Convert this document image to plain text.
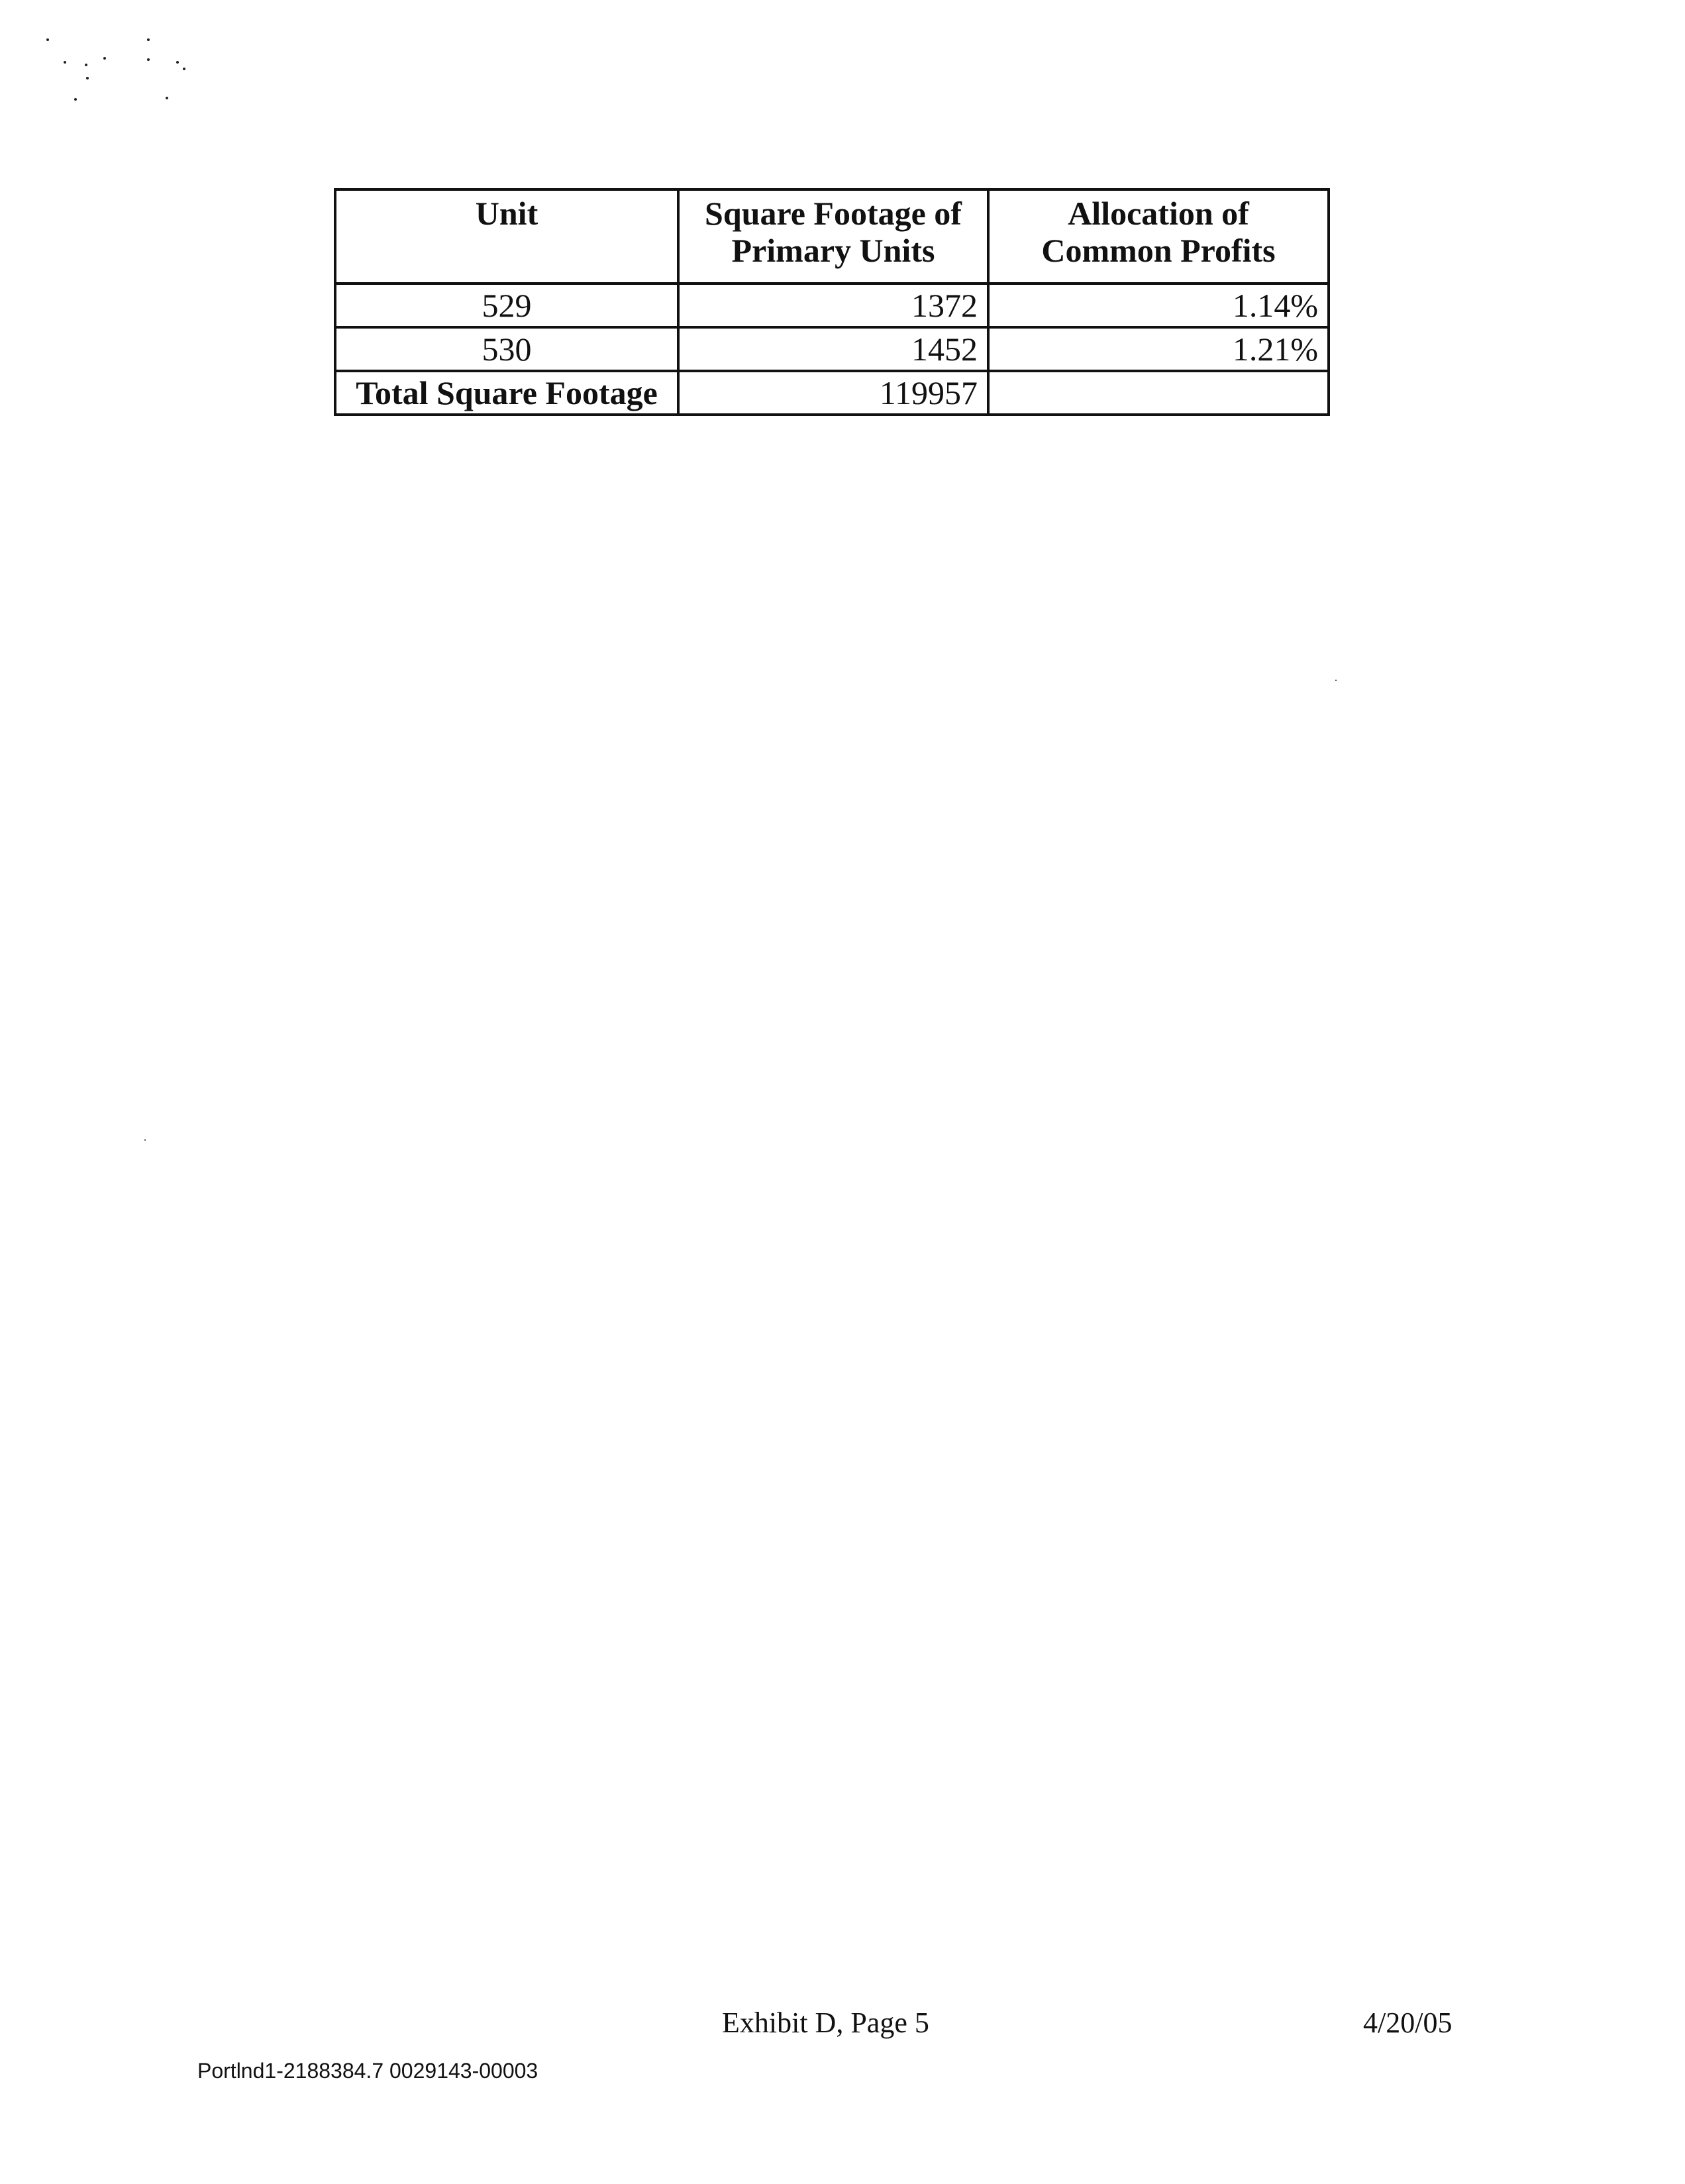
Unit	Square Footage of Primary Units	Allocation of Common Profits
529	1372	1.14%
530	1452	1.21%
Total Square Footage	119957	
Exhibit D, Page 5	4/20/05
Portlnd1-2188384.7 0029143-00003
